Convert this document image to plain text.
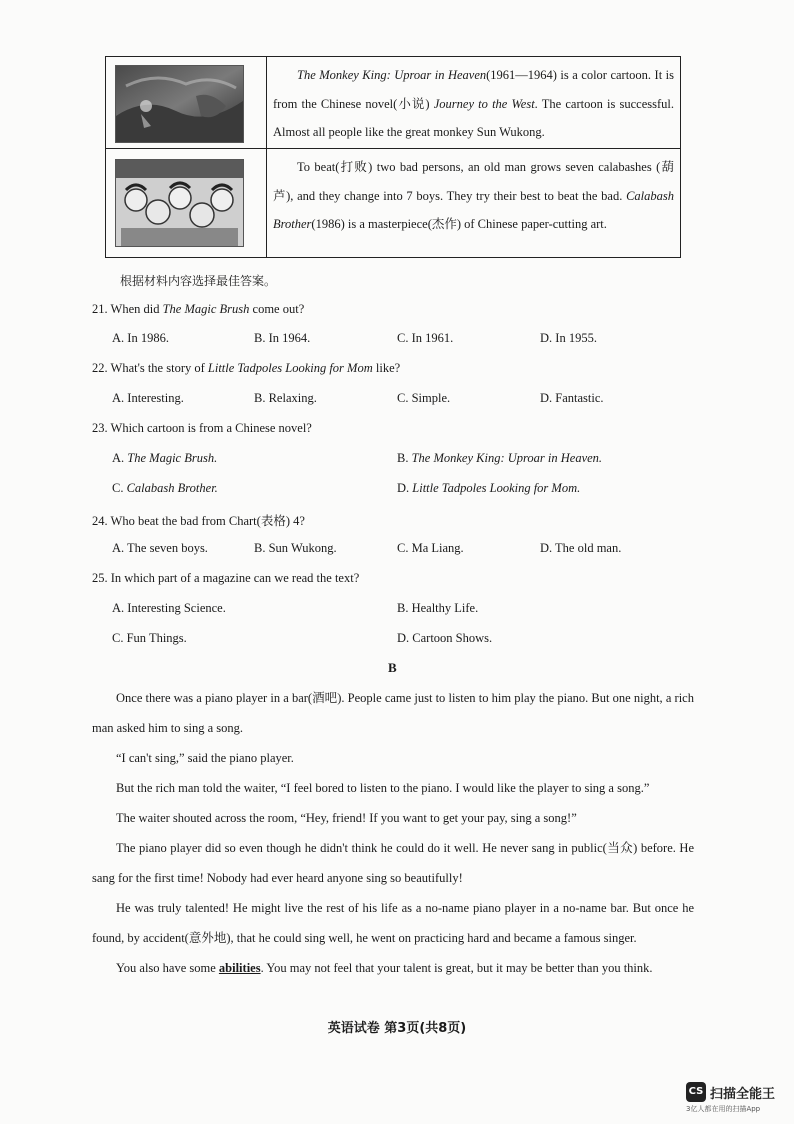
The Monkey King: Uproar in Heaven(1961—1964) is a color cartoon. It is from the Chinese novel(小说) Journey to the West. The cartoon is successful. Almost all people like the great monkey Sun Wukong.

To beat(打败) two bad persons, an old man grows seven calabashes (葫芦), and they change into 7 boys. They try their best to beat the bad. Calabash Brother(1986) is a masterpiece(杰作) of Chinese paper-cutting art.

根据材料内容选择最佳答案。
21. When did The Magic Brush come out?
A. In 1986.	B. In 1964.	C. In 1961.	D. In 1955.
22. What's the story of Little Tadpoles Looking for Mom like?
A. Interesting.	B. Relaxing.	C. Simple.	D. Fantastic.
23. Which cartoon is from a Chinese novel?
A. The Magic Brush.	B. The Monkey King: Uproar in Heaven.
C. Calabash Brother.	D. Little Tadpoles Looking for Mom.
24. Who beat the bad from Chart(表格) 4?
A. The seven boys.	B. Sun Wukong.	C. Ma Liang.	D. The old man.
25. In which part of a magazine can we read the text?
A. Interesting Science.	B. Healthy Life.
C. Fun Things.	D. Cartoon Shows.
B

Once there was a piano player in a bar(酒吧). People came just to listen to him play the piano. But one night, a rich man asked him to sing a song.

“I can't sing,” said the piano player.

But the rich man told the waiter, “I feel bored to listen to the piano. I would like the player to sing a song.”

The waiter shouted across the room, “Hey, friend! If you want to get your pay, sing a song!”

The piano player did so even though he didn't think he could do it well. He never sang in public(当众) before. He sang for the first time! Nobody had ever heard anyone sing so beautifully!

He was truly talented! He might live the rest of his life as a no-name piano player in a no-name bar. But once he found, by accident(意外地), that he could sing well, he went on practicing hard and became a famous singer.

You also have some abilities. You may not feel that your talent is great, but it may be better than you think.

英语试卷 第3页(共8页)
CS 扫描全能王
3亿人都在用的扫描App
